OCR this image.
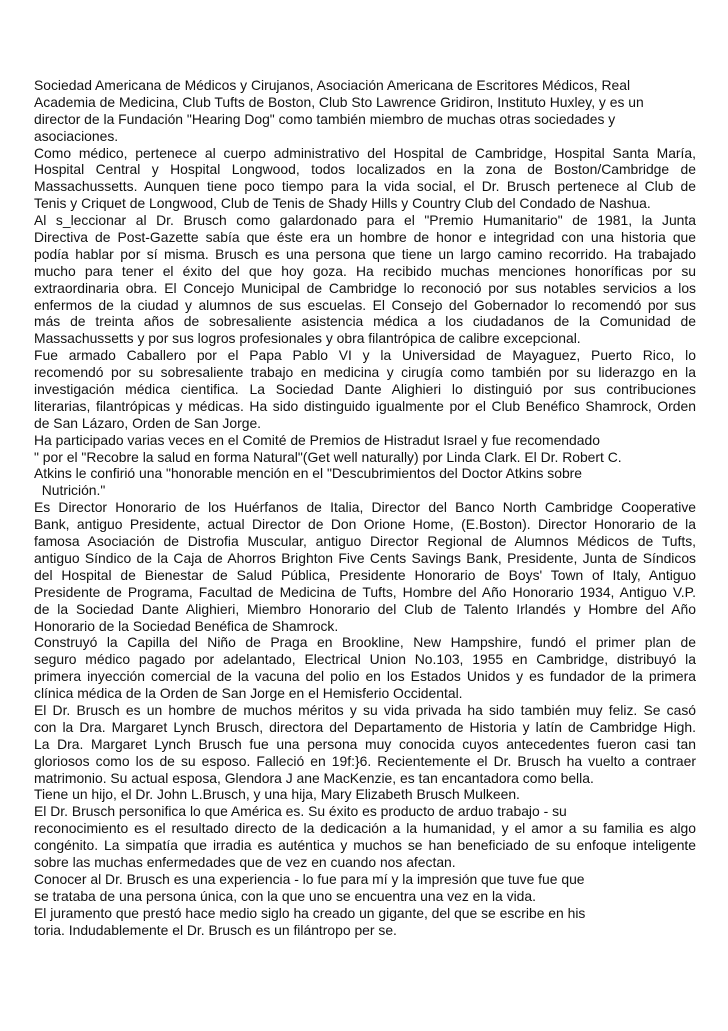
Sociedad Americana de Médicos y Cirujanos, Asociación Americana de Escritores Médicos, Real
Academia de Medicina, Club Tufts de Boston, Club Sto Lawrence Gridiron, Instituto Huxley, y es un
director de la Fundación "Hearing Dog" como también miembro de muchas otras sociedades y
asociaciones.
Como médico, pertenece al cuerpo administrativo del Hospital de Cambridge, Hospital Santa María,
Hospital Central y Hospital Longwood, todos localizados en la zona de Boston/Cambridge de
Massachussetts. Aunquen tiene poco tiempo para la vida social, el Dr. Brusch pertenece al Club de
Tenis y Criquet de Longwood, Club de Tenis de Shady Hills y Country Club del Condado de Nashua.
Al s_leccionar al Dr. Brusch como galardonado para el "Premio Humanitario" de 1981, la Junta
Directiva de Post-Gazette sabía que éste era un hombre de honor e integridad con una historia que
podía hablar por sí misma. Brusch es una persona que tiene un largo camino recorrido. Ha trabajado
mucho para tener el éxito del que hoy goza. Ha recibido muchas menciones honoríficas por su
extraordinaria obra. El Concejo Municipal de Cambridge lo reconoció por sus notables servicios a los
enfermos de la ciudad y alumnos de sus escuelas. El Consejo del Gobernador lo recomendó por sus
más de treinta años de sobresaliente asistencia médica a los ciudadanos de la Comunidad de
Massachussetts y por sus logros profesionales y obra filantrópica de calibre excepcional.
Fue armado Caballero por el Papa Pablo VI y la Universidad de Mayaguez, Puerto Rico, lo
recomendó por su sobresaliente trabajo en medicina y cirugía como también por su liderazgo en la
investigación médica cientifica. La Sociedad Dante Alighieri lo distinguió por sus contribuciones
literarias, filantrópicas y médicas. Ha sido distinguido igualmente por el Club Benéfico Shamrock, Orden
de San Lázaro, Orden de San Jorge.
Ha participado varias veces en el Comité de Premios de Histradut Israel y fue recomendado
" por el "Recobre la salud en forma Natural"(Get well naturally) por Linda Clark. El Dr. Robert C.
Atkins le confirió una "honorable mención en el "Descubrimientos del Doctor Atkins sobre
Nutrición."
Es Director Honorario de los Huérfanos de Italia, Director del Banco North Cambridge Cooperative
Bank, antiguo Presidente, actual Director de Don Orione Home, (E.Boston). Director Honorario de la
famosa Asociación de Distrofia Muscular, antiguo Director Regional de Alumnos Médicos de Tufts,
antiguo Síndico de la Caja de Ahorros Brighton Five Cents Savings Bank, Presidente, Junta de Síndicos
del Hospital de Bienestar de Salud Pública, Presidente Honorario de Boys' Town of Italy, Antiguo
Presidente de Programa, Facultad de Medicina de Tufts, Hombre del Año Honorario 1934, Antiguo V.P.
de la Sociedad Dante Alighieri, Miembro Honorario del Club de Talento Irlandés y Hombre del Año
Honorario de la Sociedad Benéfica de Shamrock.
Construyó la Capilla del Niño de Praga en Brookline, New Hampshire, fundó el primer plan de
seguro médico pagado por adelantado, Electrical Union No.103, 1955 en Cambridge, distribuyó la
primera inyección comercial de la vacuna del polio en los Estados Unidos y es fundador de la primera
clínica médica de la Orden de San Jorge en el Hemisferio Occidental.
El Dr. Brusch es un hombre de muchos méritos y su vida privada ha sido también muy feliz. Se casó
con la Dra. Margaret Lynch Brusch, directora del Departamento de Historia y latín de Cambridge High.
La Dra. Margaret Lynch Brusch fue una persona muy conocida cuyos antecedentes fueron casi tan
gloriosos como los de su esposo. Falleció en 19f:}6. Recientemente el Dr. Brusch ha vuelto a contraer
matrimonio. Su actual esposa, Glendora J ane MacKenzie, es tan encantadora como bella.
Tiene un hijo, el Dr. John L.Brusch, y una hija, Mary Elizabeth Brusch Mulkeen.
El Dr. Brusch personifica lo que América es. Su éxito es producto de arduo trabajo - su
reconocimiento es el resultado directo de la dedicación a la humanidad, y el amor a su familia es algo
congénito. La simpatía que irradia es auténtica y muchos se han beneficiado de su enfoque inteligente
sobre las muchas enfermedades que de vez en cuando nos afectan.
Conocer al Dr. Brusch es una experiencia - lo fue para mí y la impresión que tuve fue que
se trataba de una persona única, con la que uno se encuentra una vez en la vida.
El juramento que prestó hace medio siglo ha creado un gigante, del que se escribe en his
toria. Indudablemente el Dr. Brusch es un filántropo per se.
